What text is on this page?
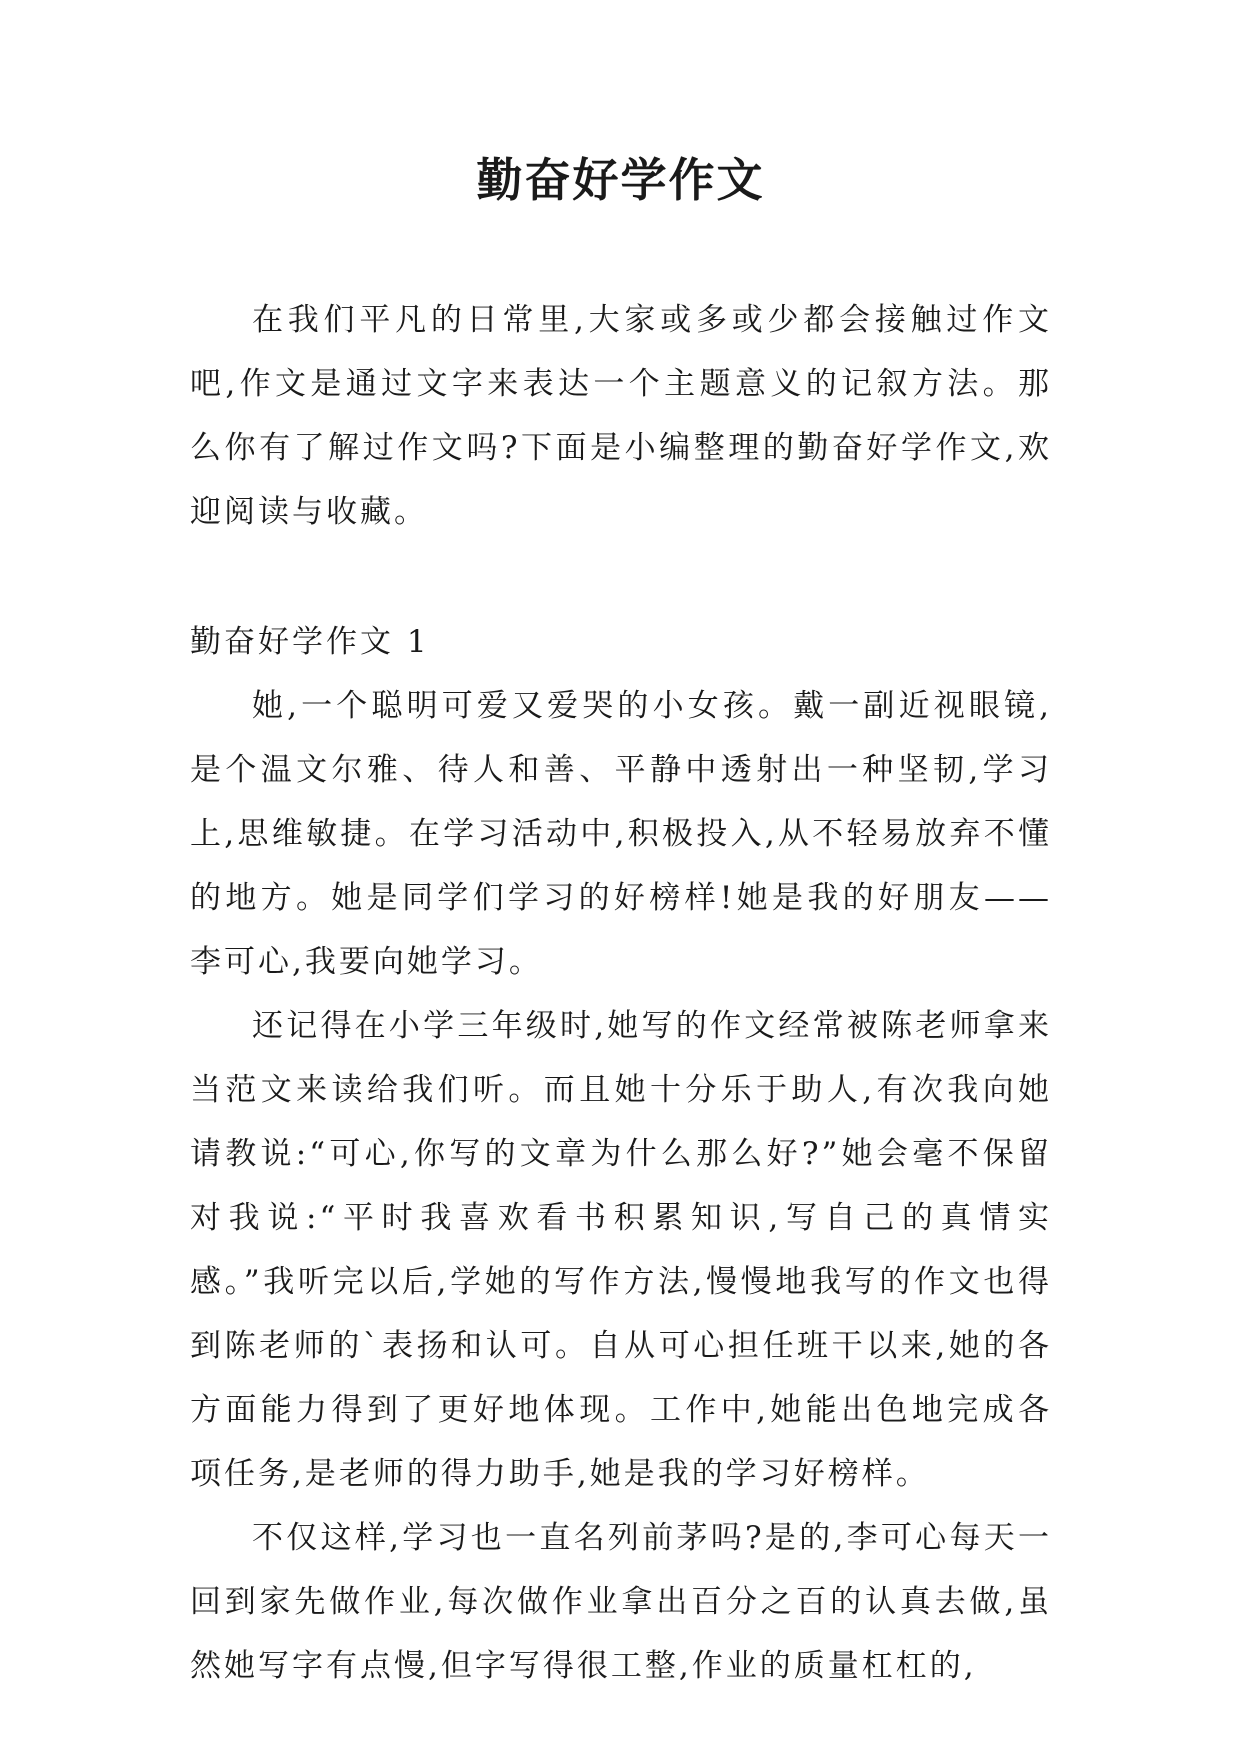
勤奋好学作文

在我们平凡的日常里,大家或多或少都会接触过作文吧,作文是通过文字来表达一个主题意义的记叙方法。那么你有了解过作文吗?下面是小编整理的勤奋好学作文,欢迎阅读与收藏。

勤奋好学作文 1

她,一个聪明可爱又爱哭的小女孩。戴一副近视眼镜,是个温文尔雅、待人和善、平静中透射出一种坚韧,学习上,思维敏捷。在学习活动中,积极投入,从不轻易放弃不懂的地方。她是同学们学习的好榜样!她是我的好朋友——李可心,我要向她学习。

还记得在小学三年级时,她写的作文经常被陈老师拿来当范文来读给我们听。而且她十分乐于助人,有次我向她请教说:“可心,你写的文章为什么那么好?”她会毫不保留对我说:“平时我喜欢看书积累知识,写自己的真情实感。”我听完以后,学她的写作方法,慢慢地我写的作文也得到陈老师的`表扬和认可。自从可心担任班干以来,她的各方面能力得到了更好地体现。工作中,她能出色地完成各项任务,是老师的得力助手,她是我的学习好榜样。

不仅这样,学习也一直名列前茅吗?是的,李可心每天一回到家先做作业,每次做作业拿出百分之百的认真去做,虽然她写字有点慢,但字写得很工整,作业的质量杠杠的,
